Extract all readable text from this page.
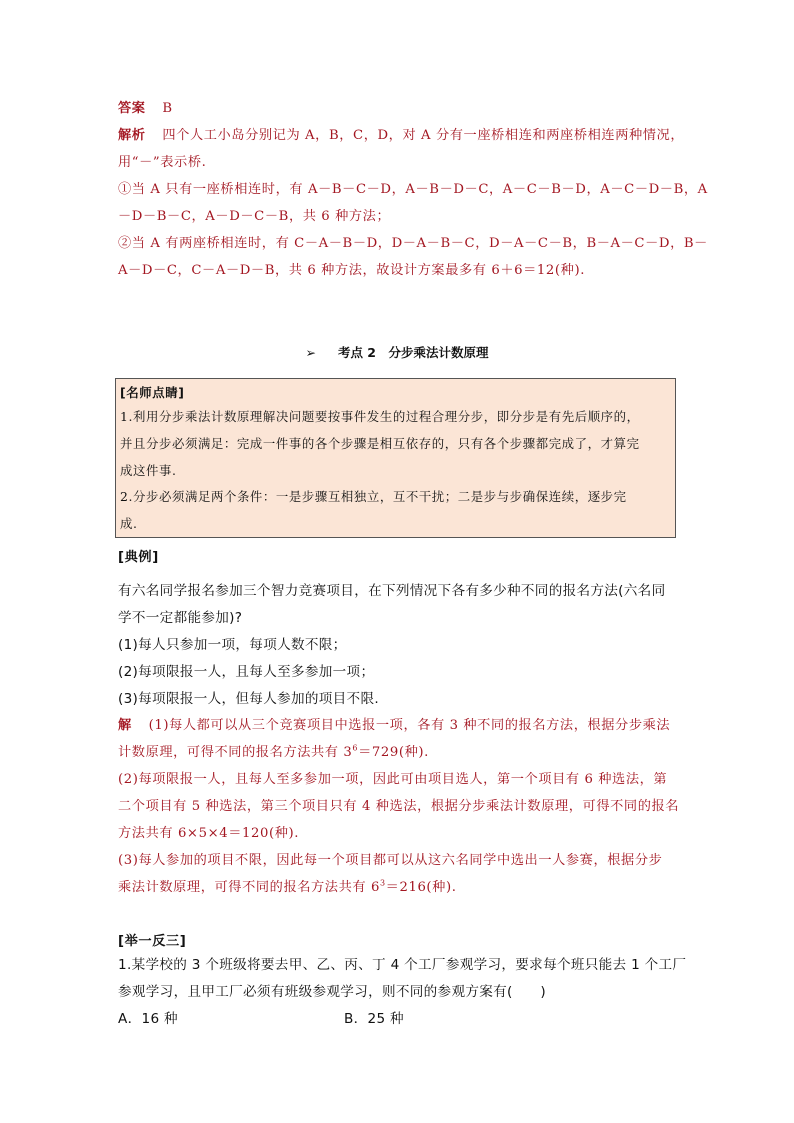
答案 B
解析 四个人工小岛分别记为 A，B，C，D，对 A 分有一座桥相连和两座桥相连两种情况，
用“－”表示桥.
①当 A 只有一座桥相连时，有 A－B－C－D，A－B－D－C，A－C－B－D，A－C－D－B，A
－D－B－C，A－D－C－B，共 6 种方法；
②当 A 有两座桥相连时，有 C－A－B－D，D－A－B－C，D－A－C－B，B－A－C－D，B－
A－D－C，C－A－D－B，共 6 种方法，故设计方案最多有 6＋6＝12(种).
➢ 考点 2　分步乘法计数原理
[名师点睛]
1.利用分步乘法计数原理解决问题要按事件发生的过程合理分步，即分步是有先后顺序的，
并且分步必须满足：完成一件事的各个步骤是相互依存的，只有各个步骤都完成了，才算完
成这件事.
2.分步必须满足两个条件：一是步骤互相独立，互不干扰；二是步与步确保连续，逐步完
成.
[典例]
有六名同学报名参加三个智力竞赛项目，在下列情况下各有多少种不同的报名方法(六名同
学不一定都能参加)?
(1)每人只参加一项，每项人数不限；
(2)每项限报一人，且每人至多参加一项；
(3)每项限报一人，但每人参加的项目不限.
解 (1)每人都可以从三个竞赛项目中选报一项，各有 3 种不同的报名方法，根据分步乘法
计数原理，可得不同的报名方法共有 $3^6=729$(种).
(2)每项限报一人，且每人至多参加一项，因此可由项目选人，第一个项目有 6 种选法，第
二个项目有 5 种选法，第三个项目只有 4 种选法，根据分步乘法计数原理，可得不同的报名
方法共有 6×5×4＝120(种).
(3)每人参加的项目不限，因此每一个项目都可以从这六名同学中选出一人参赛，根据分步
乘法计数原理，可得不同的报名方法共有 $6^3=216$(种).
[举一反三]
1.某学校的 3 个班级将要去甲、乙、丙、丁 4 个工厂参观学习，要求每个班只能去 1 个工厂
参观学习，且甲工厂必须有班级参观学习，则不同的参观方案有(　　)
A．16 种	B．25 种
